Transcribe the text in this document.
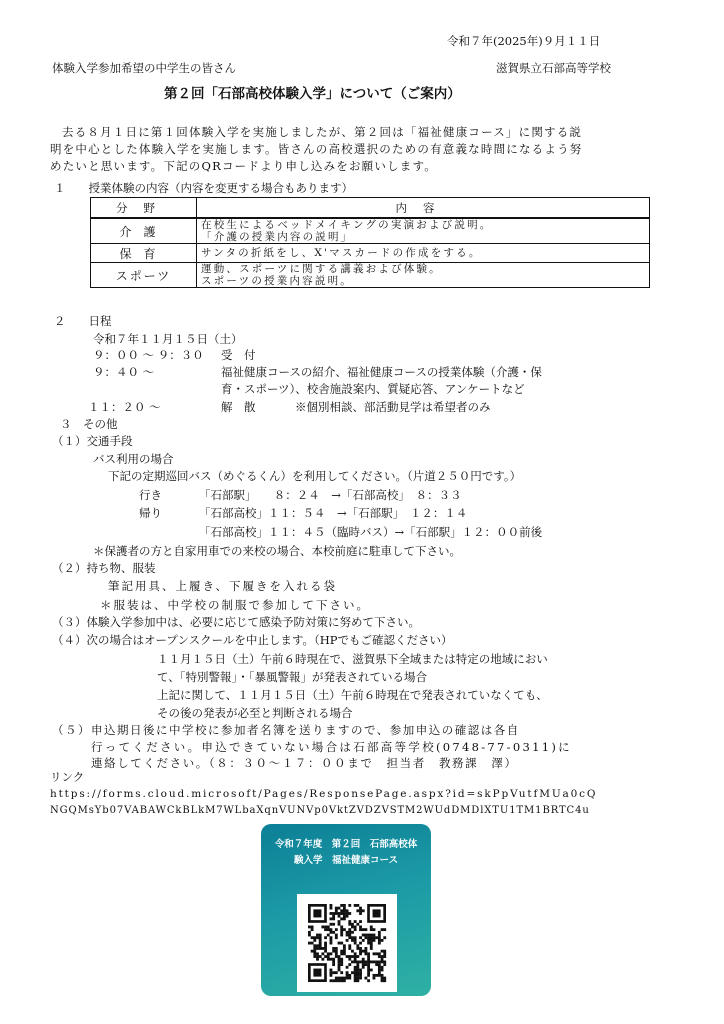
令和７年(2025年)９月１１日
体験入学参加希望の中学生の皆さん	滋賀県立石部高等学校
第２回「石部高校体験入学」について（ご案内）
去る８月１日に第１回体験入学を実施しましたが、第２回は「福祉健康コース」に関する説
明を中心とした体験入学を実施します。皆さんの高校選択のための有意義な時間になるよう努
めたいと思います。下記のQRコードより申し込みをお願いします。
１　　授業体験の内容（内容を変更する場合もあります）
分野	内容
介護	在校生によるベッドメイキングの実演および説明。
「介護の授業内容の説明」

保育	サンタの折紙をし、X'マスカードの作成をする。

スポーツ	運動、スポーツに関する講義および体験。
スポーツの授業内容説明。
２　　日程
令和７年１１月１５日（土）
９：００ ～ ９：３０ 受　付
９：４０ ～	福祉健康コースの紹介、福祉健康コースの授業体験（介護・保
育・スポーツ）、校舎施設案内、質疑応答、アンケートなど
１１：２０ ～	解　散	※個別相談、部活動見学は希望者のみ
３　その他
（１）交通手段
バス利用の場合
下記の定期巡回バス（めぐるくん）を利用してください。（片道２５０円です。）
行き	「石部駅」　　８：２４　→「石部高校」　８：３３
帰り	「石部高校」１１：５４　→「石部駅」　１２：１４
「石部高校」１１：４５（臨時バス）→「石部駅」１２：００前後
＊保護者の方と自家用車での来校の場合、本校前庭に駐車して下さい。
（２）持ち物、服装
筆記用具、上履き、下履きを入れる袋
＊服装は、中学校の制服で参加して下さい。
（３）体験入学参加中は、必要に応じて感染予防対策に努めて下さい。
（４）次の場合はオープンスクールを中止します。（HPでもご確認ください）
１１月１５日（土）午前６時現在で、滋賀県下全域または特定の地域におい
て、「特別警報」・「暴風警報」が発表されている場合
上記に関して、１１月１５日（土）午前６時現在で発表されていなくても、
その後の発表が必至と判断される場合
（５）申込期日後に中学校に参加者名簿を送りますので、参加申込の確認は各自
行ってください。申込できていない場合は石部高等学校(0748-77-0311)に
連絡してください。（８：３０～１７：００まで　担当者　教務課　澤）
リンク
https://forms.cloud.microsoft/Pages/ResponsePage.aspx?id=skPpVutfMUa0cQ
NGQMsYb07VABAWCkBLkM7WLbaXqnVUNVp0VktZVDZVSTM2WUdDMDlXTU1TM1BRTC4u
令和７年度　第２回　石部高校体
験入学　福祉健康コース
